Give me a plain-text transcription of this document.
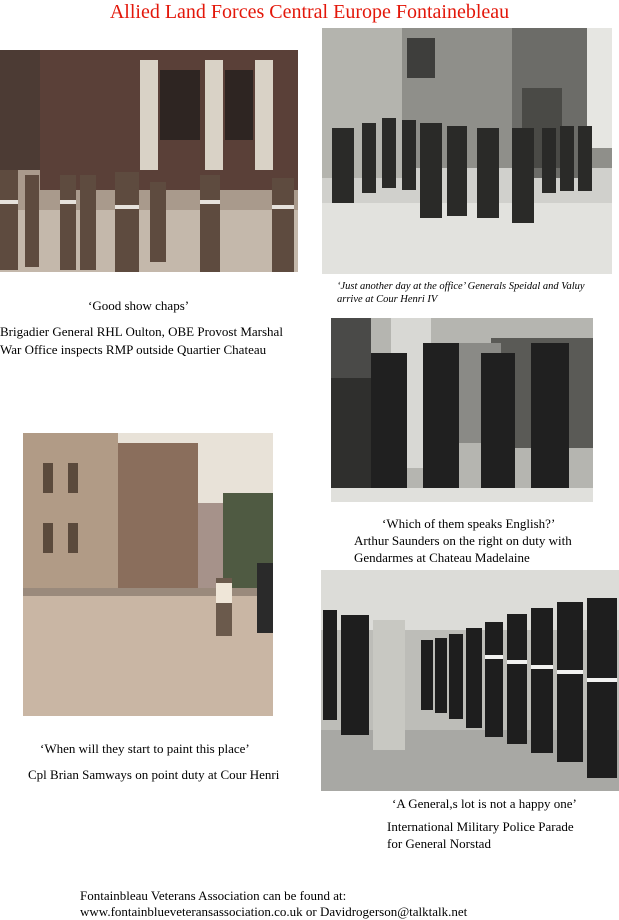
Allied Land Forces Central Europe Fontainebleau
‘Good show chaps’
Brigadier General RHL Oulton, OBE Provost Marshal
War Office inspects RMP outside Quartier Chateau
‘Just another day at the office’ Generals Speidal and Valuy
arrive at Cour Henri IV
‘Which of them speaks English?’
Arthur Saunders on the right on duty with
Gendarmes at Chateau Madelaine
‘When will they start to paint this place’
Cpl Brian Samways on point duty at Cour Henri
‘A General,s lot is not a happy one’
International Military Police Parade
for General Norstad
Fontainbleau Veterans Association can be found at:
www.fontainblueveteransassociation.co.uk or Davidrogerson@talktalk.net
